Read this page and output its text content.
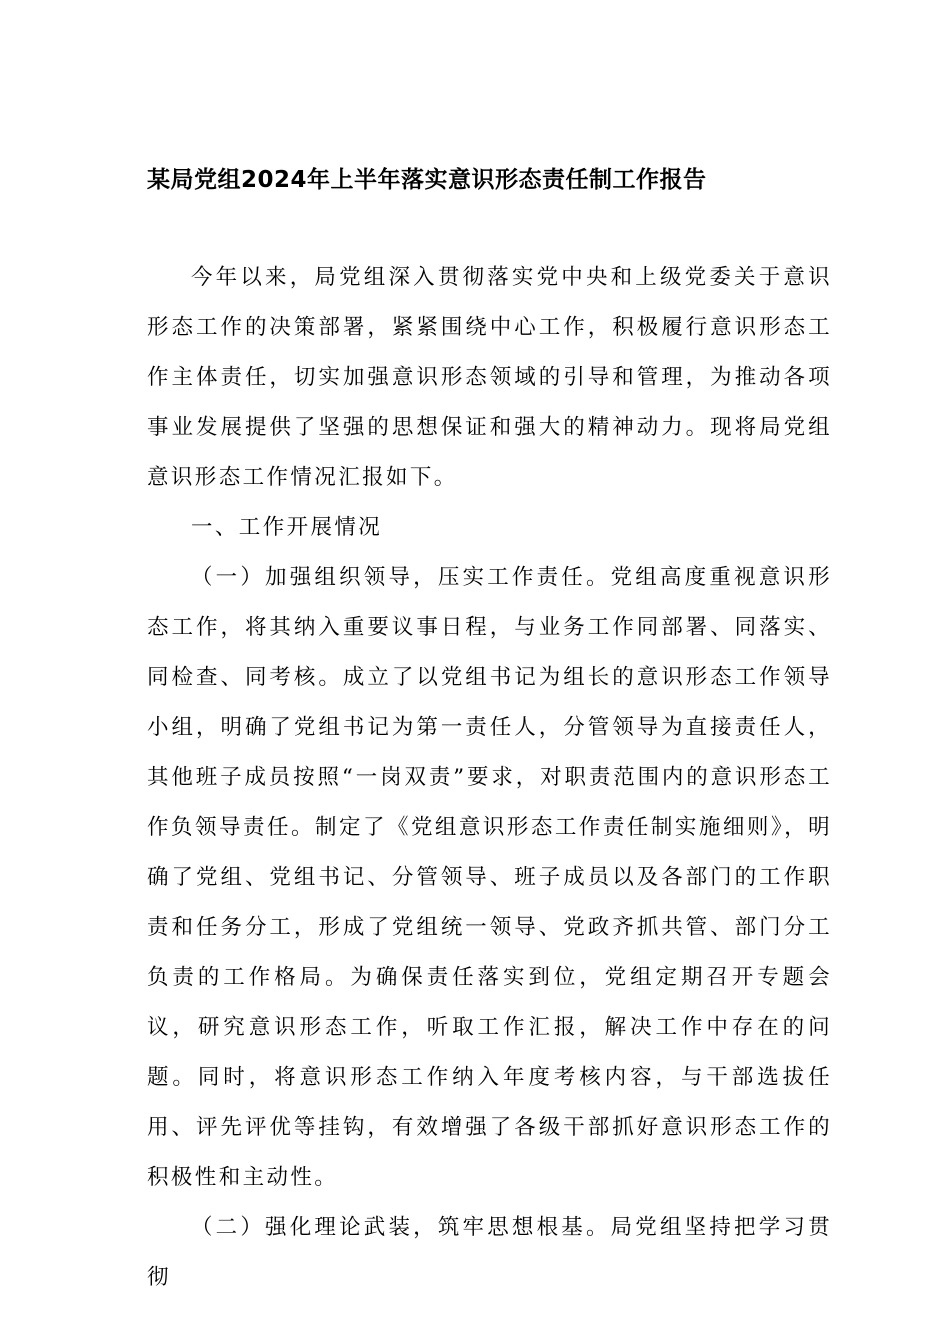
某局党组2024年上半年落实意识形态责任制工作报告

今年以来，局党组深入贯彻落实党中央和上级党委关于意识形态工作的决策部署，紧紧围绕中心工作，积极履行意识形态工作主体责任，切实加强意识形态领域的引导和管理，为推动各项事业发展提供了坚强的思想保证和强大的精神动力。现将局党组意识形态工作情况汇报如下。

一、工作开展情况

（一）加强组织领导，压实工作责任。党组高度重视意识形态工作，将其纳入重要议事日程，与业务工作同部署、同落实、同检查、同考核。成立了以党组书记为组长的意识形态工作领导小组，明确了党组书记为第一责任人，分管领导为直接责任人，其他班子成员按照“一岗双责”要求，对职责范围内的意识形态工作负领导责任。制定了《党组意识形态工作责任制实施细则》，明确了党组、党组书记、分管领导、班子成员以及各部门的工作职责和任务分工，形成了党组统一领导、党政齐抓共管、部门分工负责的工作格局。为确保责任落实到位，党组定期召开专题会议，研究意识形态工作，听取工作汇报，解决工作中存在的问题。同时，将意识形态工作纳入年度考核内容，与干部选拔任用、评先评优等挂钩，有效增强了各级干部抓好意识形态工作的积极性和主动性。

（二）强化理论武装，筑牢思想根基。局党组坚持把学习贯彻
